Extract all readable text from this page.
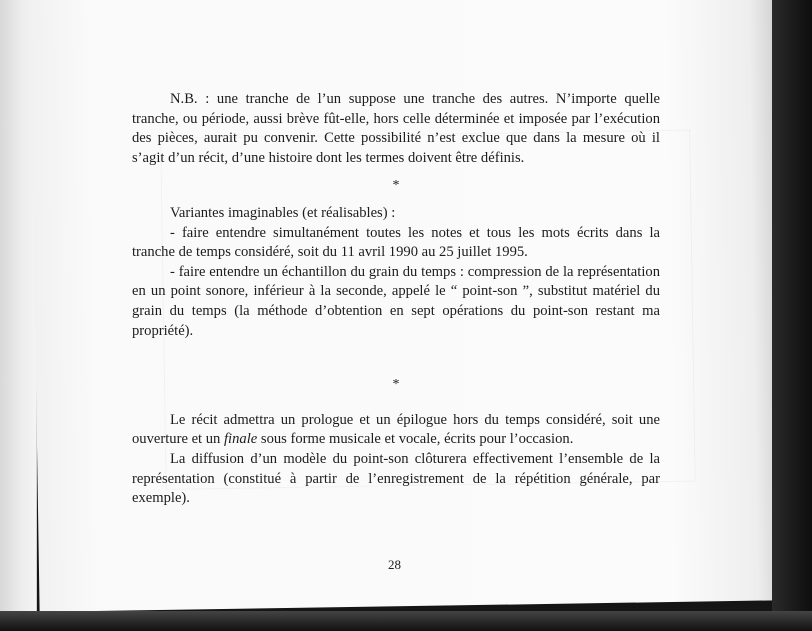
N.B. : une tranche de l’un suppose une tranche des autres. N’importe quelle tranche, ou période, aussi brève fût-elle, hors celle déterminée et imposée par l’exécution des pièces, aurait pu convenir. Cette possibilité n’est exclue que dans la mesure où il s’agit d’un récit, d’une histoire dont les termes doivent être définis.

*

Variantes imaginables (et réalisables) :

- faire entendre simultanément toutes les notes et tous les mots écrits dans la tranche de temps considéré, soit du 11 avril 1990 au 25 juillet 1995.

- faire entendre un échantillon du grain du temps : compression de la représentation en un point sonore, inférieur à la seconde, appelé le “ point-son ”, substitut matériel du grain du temps (la méthode d’obtention en sept opérations du point-son restant ma propriété).

*

Le récit admettra un prologue et un épilogue hors du temps considéré, soit une ouverture et un finale sous forme musicale et vocale, écrits pour l’occasion.

La diffusion d’un modèle du point-son clôturera effectivement l’ensemble de la représentation (constitué à partir de l’enregistrement de la répétition générale, par exemple).

28
